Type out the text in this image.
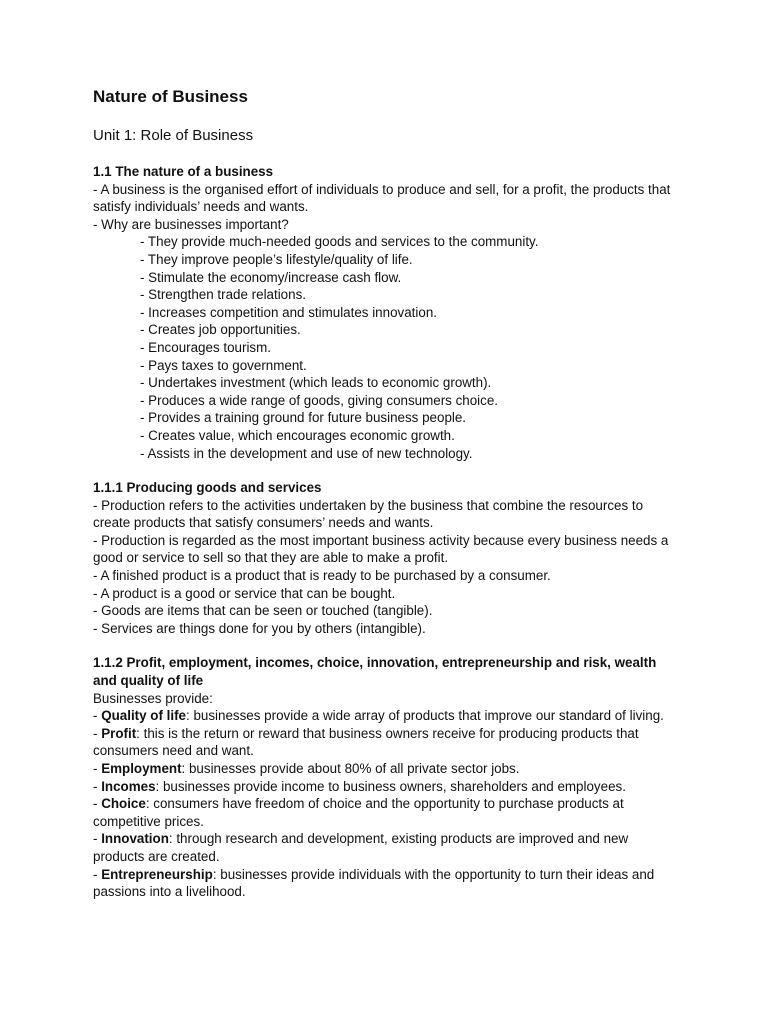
Nature of Business
Unit 1: Role of Business
1.1 The nature of a business
- A business is the organised effort of individuals to produce and sell, for a profit, the products that satisfy individuals’ needs and wants.
- Why are businesses important?
- They provide much-needed goods and services to the community.
- They improve people’s lifestyle/quality of life.
- Stimulate the economy/increase cash flow.
- Strengthen trade relations.
- Increases competition and stimulates innovation.
- Creates job opportunities.
- Encourages tourism.
- Pays taxes to government.
- Undertakes investment (which leads to economic growth).
- Produces a wide range of goods, giving consumers choice.
- Provides a training ground for future business people.
- Creates value, which encourages economic growth.
- Assists in the development and use of new technology.
1.1.1 Producing goods and services
- Production refers to the activities undertaken by the business that combine the resources to create products that satisfy consumers’ needs and wants.
- Production is regarded as the most important business activity because every business needs a good or service to sell so that they are able to make a profit.
- A finished product is a product that is ready to be purchased by a consumer.
- A product is a good or service that can be bought.
- Goods are items that can be seen or touched (tangible).
- Services are things done for you by others (intangible).
1.1.2 Profit, employment, incomes, choice, innovation, entrepreneurship and risk, wealth and quality of life
Businesses provide:
- Quality of life: businesses provide a wide array of products that improve our standard of living.
- Profit: this is the return or reward that business owners receive for producing products that consumers need and want.
- Employment: businesses provide about 80% of all private sector jobs.
- Incomes: businesses provide income to business owners, shareholders and employees.
- Choice: consumers have freedom of choice and the opportunity to purchase products at competitive prices.
- Innovation: through research and development, existing products are improved and new products are created.
- Entrepreneurship: businesses provide individuals with the opportunity to turn their ideas and passions into a livelihood.
